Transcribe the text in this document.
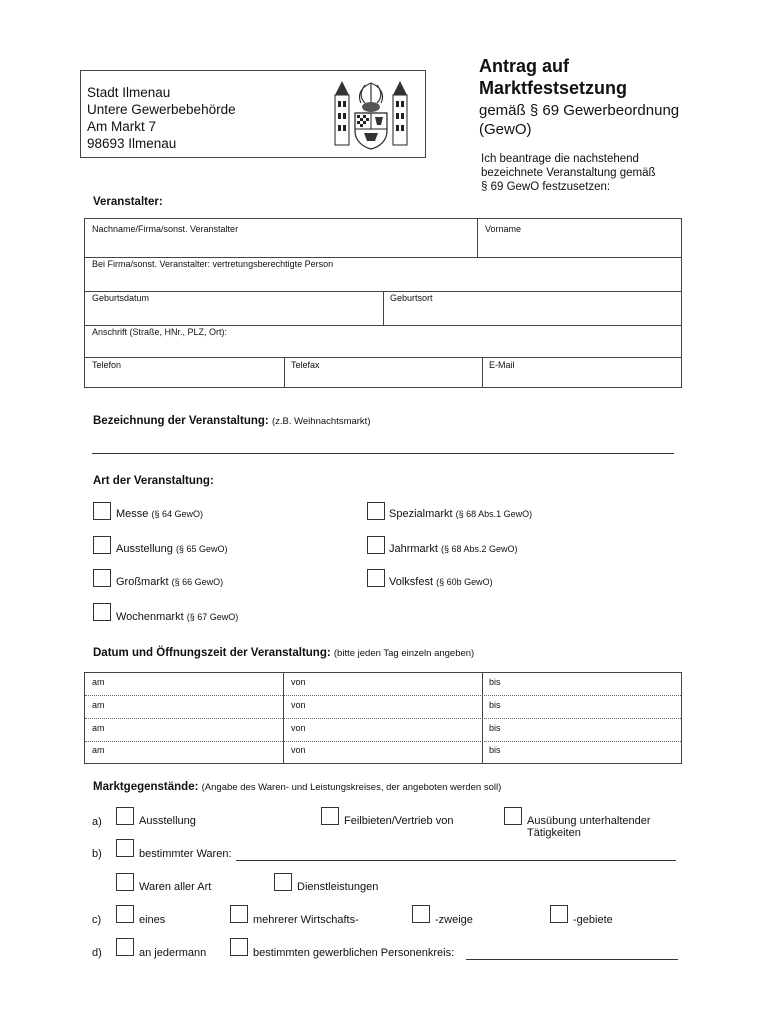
Stadt Ilmenau
Untere Gewerbebehörde
Am Markt 7
98693 Ilmenau
Antrag auf
Marktfestsetzung
gemäß § 69 Gewerbeordnung
(GewO)
Ich beantrage die nachstehend
bezeichnete Veranstaltung gemäß
§ 69 GewO festzusetzen:
Veranstalter:
Nachname/Firma/sonst. Veranstalter	Vorname
Bei Firma/sonst. Veranstalter: vertretungsberechtigte Person
Geburtsdatum	Geburtsort
Anschrift (Straße, HNr., PLZ, Ort):
Telefon	Telefax	E-Mail
Bezeichnung der Veranstaltung: (z.B. Weihnachtsmarkt)
Art der Veranstaltung:
Messe (§ 64 GewO)	Spezialmarkt (§ 68 Abs.1 GewO)
Ausstellung (§ 65 GewO)	Jahrmarkt (§ 68 Abs.2 GewO)
Großmarkt (§ 66 GewO)	Volksfest (§ 60b GewO)
Wochenmarkt (§ 67 GewO)
Datum und Öffnungszeit der Veranstaltung: (bitte jeden Tag einzeln angeben)
am	von	bis
am	von	bis
am	von	bis
am	von	bis
Marktgegenstände: (Angabe des Waren- und Leistungskreises, der angeboten werden soll)
a)	Ausstellung	Feilbieten/Vertrieb von	Ausübung unterhaltender
Tätigkeiten
b)	bestimmter Waren:
Waren aller Art	Dienstleistungen
c)	eines	mehrerer Wirtschafts-	-zweige	-gebiete
d)	an jedermann	bestimmten gewerblichen Personenkreis:
